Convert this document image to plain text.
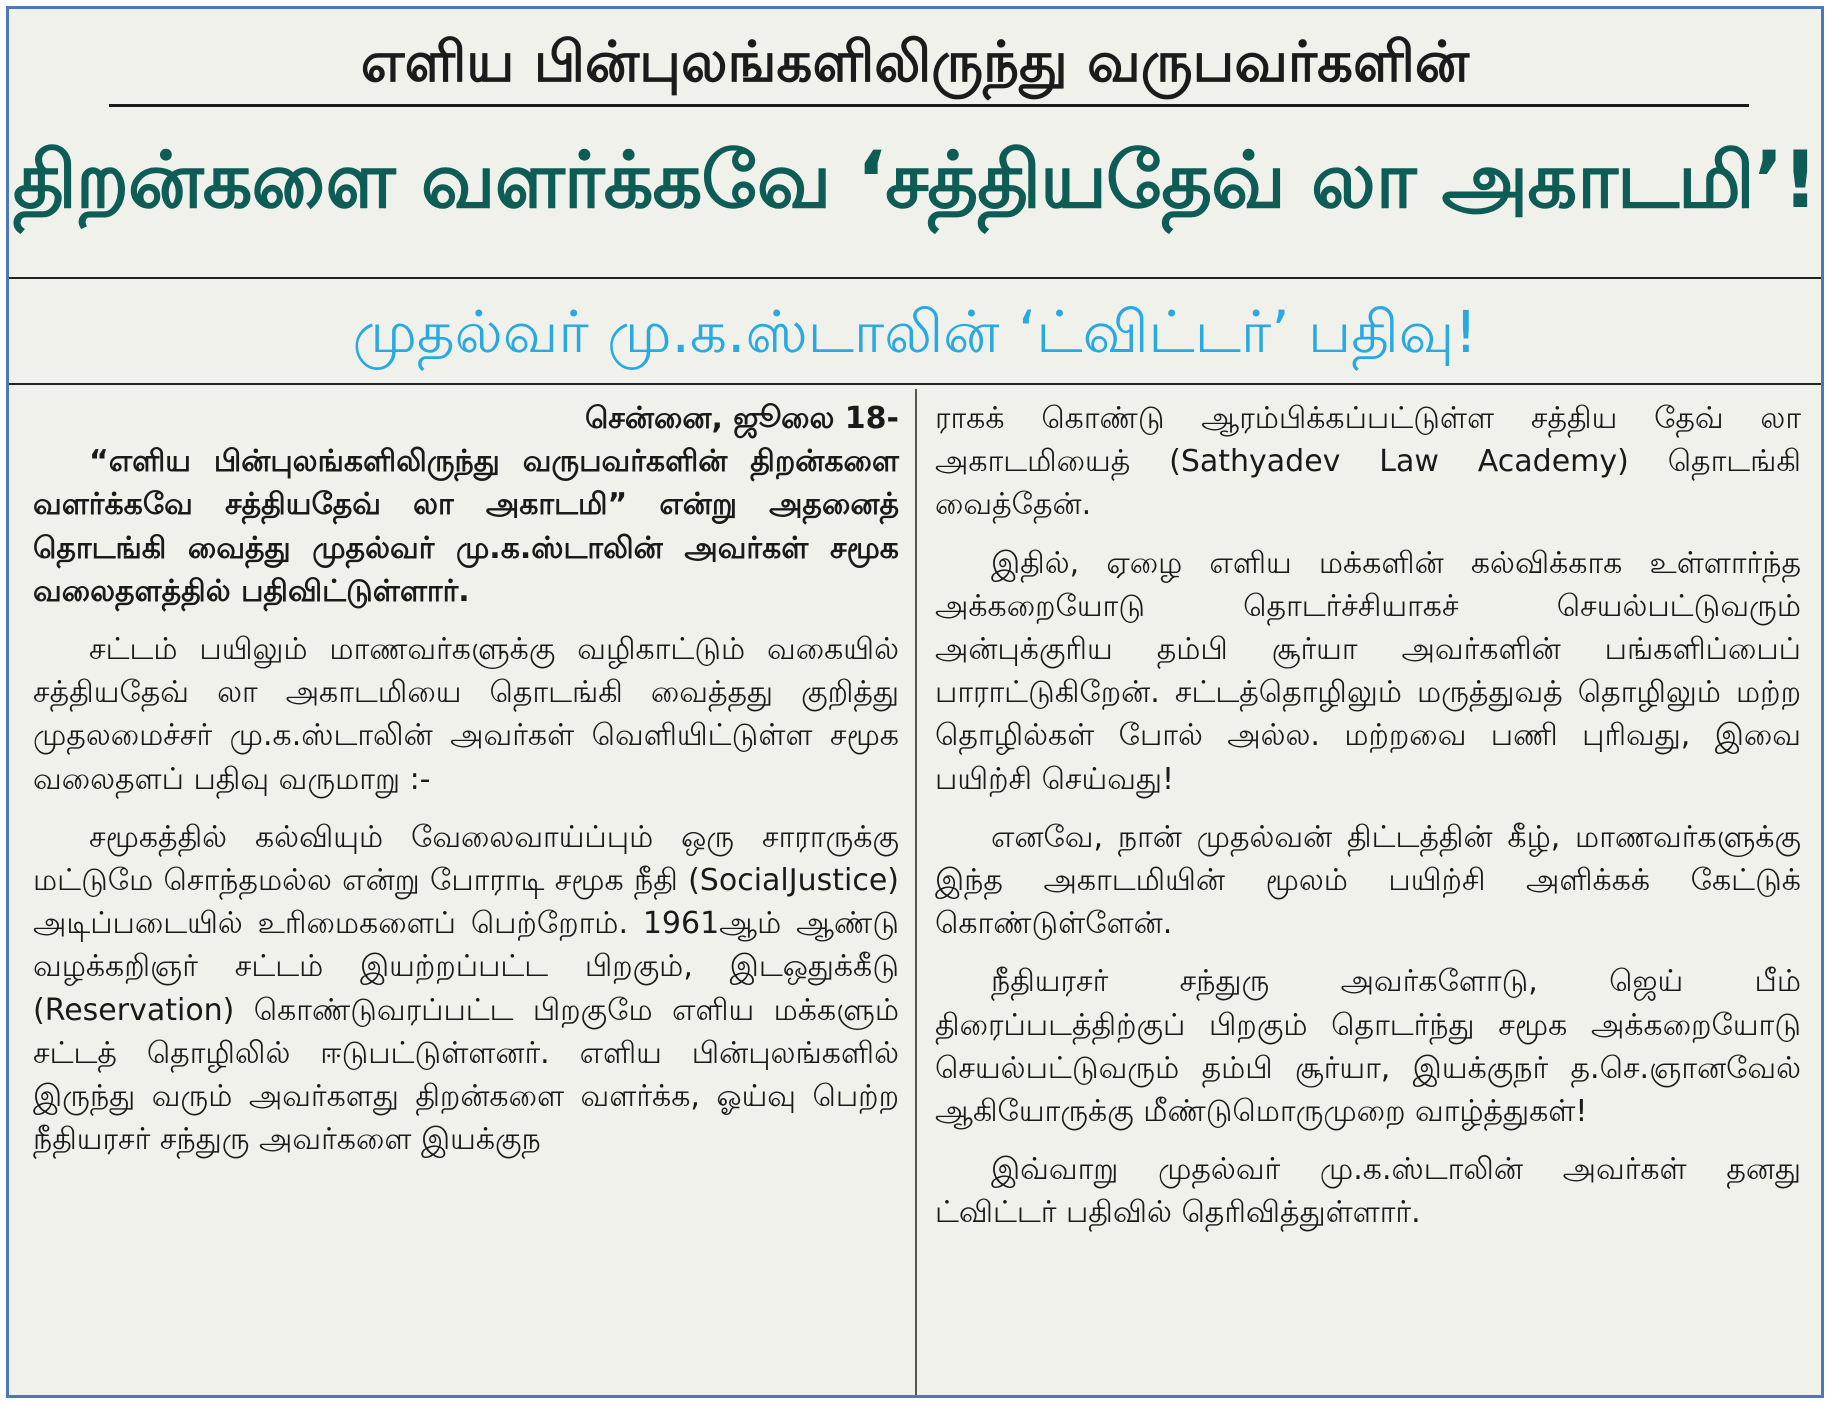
எளிய பின்புலங்களிலிருந்து வருபவர்களின்
திறன்களை வளர்க்கவே ‘சத்தியதேவ் லா அகாடமி’!
முதல்வர் மு.க.ஸ்டாலின் ‘ட்விட்டர்’ பதிவு!

சென்னை, ஜூலை 18-

“எளிய பின்புலங்களிலிருந்து வருபவர்களின் திறன்களை வளர்க்கவே சத்தியதேவ் லா அகாடமி” என்று அதனைத் தொடங்கி வைத்து முதல்வர் மு.க.ஸ்டாலின் அவர்கள் சமூக வலைதளத்தில் பதிவிட்டுள்ளார்.

சட்டம் பயிலும் மாணவர்களுக்கு வழிகாட்டும் வகையில் சத்தியதேவ் லா அகாடமியை தொடங்கி வைத்தது குறித்து முதலமைச்சர் மு.க.ஸ்டாலின் அவர்கள் வெளியிட்டுள்ள சமூக வலைதளப் பதிவு வருமாறு :-

சமூகத்தில் கல்வியும் வேலைவாய்ப்பும் ஒரு சாராருக்கு மட்டுமே சொந்தமல்ல என்று போராடி சமூக நீதி (SocialJustice) அடிப்படையில் உரிமைகளைப் பெற்றோம். 1961ஆம் ஆண்டு வழக்கறிஞர் சட்டம் இயற்றப்பட்ட பிறகும், இடஒதுக்கீடு (Reservation) கொண்டுவரப்பட்ட பிறகுமே எளிய மக்களும் சட்டத் தொழிலில் ஈடுபட்டுள்ளனர். எளிய பின்புலங்களில் இருந்து வரும் அவர்களது திறன்களை வளர்க்க, ஓய்வு பெற்ற நீதியரசர் சந்துரு அவர்களை இயக்குந

ராகக் கொண்டு ஆரம்பிக்கப்பட்டுள்ள சத்திய தேவ் லா அகாடமியைத் (Sathyadev Law Academy) தொடங்கி வைத்தேன்.

இதில், ஏழை எளிய மக்களின் கல்விக்காக உள்ளார்ந்த அக்கறையோடு தொடர்ச்சியாகச் செயல்பட்டுவரும் அன்புக்குரிய தம்பி சூர்யா அவர்களின் பங்களிப்பைப் பாராட்டுகிறேன். சட்டத்தொழிலும் மருத்துவத் தொழிலும் மற்ற தொழில்கள் போல் அல்ல. மற்றவை பணி புரிவது, இவை பயிற்சி செய்வது!

எனவே, நான் முதல்வன் திட்டத்தின் கீழ், மாணவர்களுக்கு இந்த அகாடமியின் மூலம் பயிற்சி அளிக்கக் கேட்டுக் கொண்டுள்ளேன்.

நீதியரசர் சந்துரு அவர்களோடு, ஜெய் பீம் திரைப்படத்திற்குப் பிறகும் தொடர்ந்து சமூக அக்கறையோடு செயல்பட்டுவரும் தம்பி சூர்யா, இயக்குநர் த.செ.ஞானவேல் ஆகியோருக்கு மீண்டுமொருமுறை வாழ்த்துகள்!

இவ்வாறு முதல்வர் மு.க.ஸ்டாலின் அவர்கள் தனது ட்விட்டர் பதிவில் தெரிவித்துள்ளார்.
